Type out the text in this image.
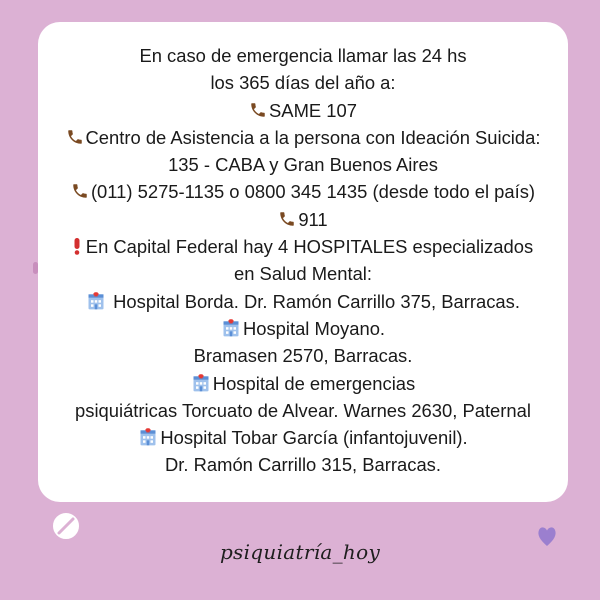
En caso de emergencia llamar las 24 hs
los 365 días del año a:
SAME 107
Centro de Asistencia a la persona con Ideación Suicida:
135 - CABA y Gran Buenos Aires
(011) 5275-1135 o 0800 345 1435 (desde todo el país)
911
En Capital Federal hay 4 HOSPITALES especializados
en Salud Mental:
Hospital Borda. Dr. Ramón Carrillo 375, Barracas.
Hospital Moyano.
Bramasen 2570, Barracas.
Hospital de emergencias
psiquiátricas Torcuato de Alvear. Warnes 2630, Paternal
Hospital Tobar García (infantojuvenil).
Dr. Ramón Carrillo 315, Barracas.
psiquiatría_hoy
